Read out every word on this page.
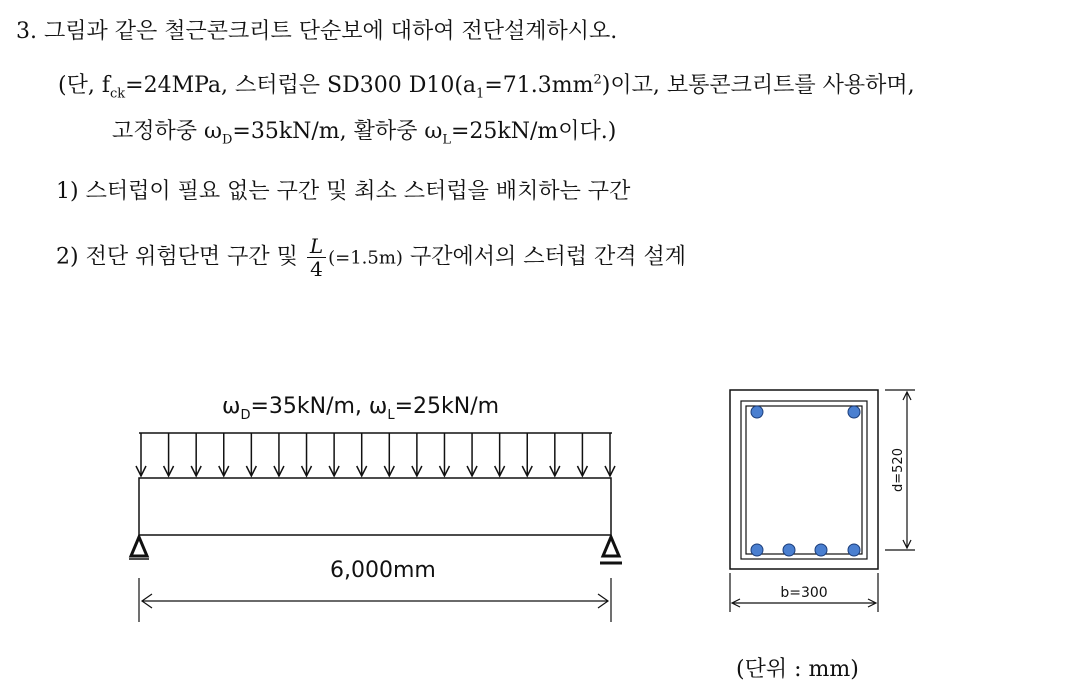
3. 그림과 같은 철근콘크리트 단순보에 대하여 전단설계하시오.
(단, $f_{ck}=24MPa$, 스터럽은 SD300 $D10(a_1=71.3mm^2)$이고, 보통콘크리트를 사용하며,
고정하중 $\omega_D=35kN/m$, 활하중 $\omega_L=25kN/m$이다.)
1) 스터럽이 필요 없는 구간 및 최소 스터럽을 배치하는 구간
2) 전단 위험단면 구간 및 $\frac{L}{4} (=1.5m)$ 구간에서의 스터럽 간격 설계
$\omega_D=35kN/m$, $\omega_L=25kN/m$
6,000mm
d=520
b=300
(단위 : mm)
